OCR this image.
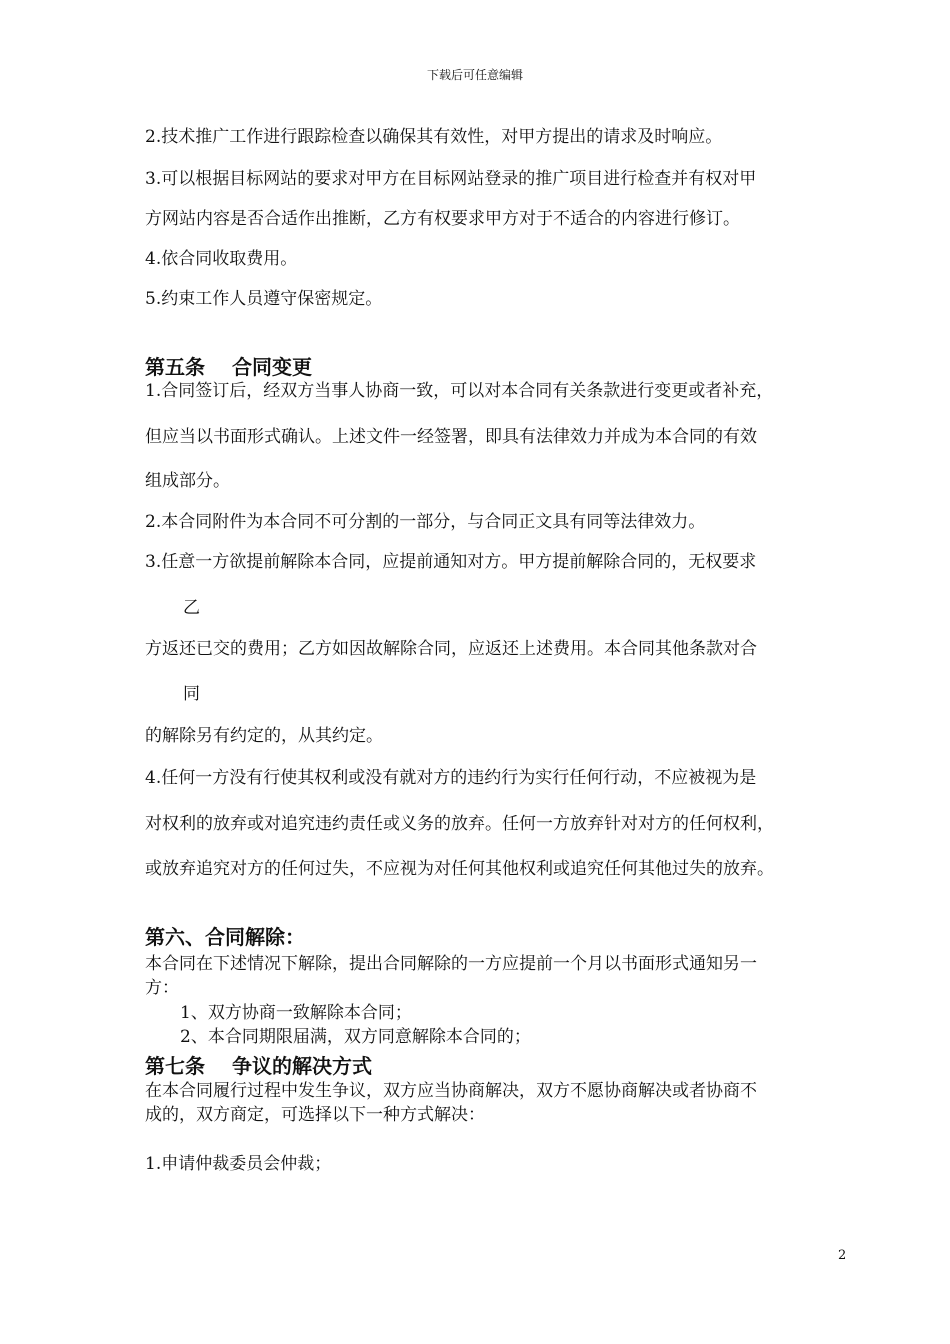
下载后可任意编辑
2.技术推广工作进行跟踪检查以确保其有效性，对甲方提出的请求及时响应。
3.可以根据目标网站的要求对甲方在目标网站登录的推广项目进行检查并有权对甲
方网站内容是否合适作出推断，乙方有权要求甲方对于不适合的内容进行修订。
4.依合同收取费用。
5.约束工作人员遵守保密规定。
第五条　 合同变更
1.合同签订后，经双方当事人协商一致，可以对本合同有关条款进行变更或者补充，
但应当以书面形式确认。上述文件一经签署，即具有法律效力并成为本合同的有效
组成部分。
2.本合同附件为本合同不可分割的一部分，与合同正文具有同等法律效力。
3.任意一方欲提前解除本合同，应提前通知对方。甲方提前解除合同的，无权要求
乙
方返还已交的费用；乙方如因故解除合同，应返还上述费用。本合同其他条款对合
同
的解除另有约定的，从其约定。
4.任何一方没有行使其权利或没有就对方的违约行为实行任何行动，不应被视为是
对权利的放弃或对追究违约责任或义务的放弃。任何一方放弃针对对方的任何权利，
或放弃追究对方的任何过失，不应视为对任何其他权利或追究任何其他过失的放弃。
第六、合同解除：
本合同在下述情况下解除，提出合同解除的一方应提前一个月以书面形式通知另一
方：
1、双方协商一致解除本合同；
2、本合同期限届满，双方同意解除本合同的；
第七条　 争议的解决方式
在本合同履行过程中发生争议，双方应当协商解决，双方不愿协商解决或者协商不
成的，双方商定，可选择以下一种方式解决：
1.申请仲裁委员会仲裁；
2
